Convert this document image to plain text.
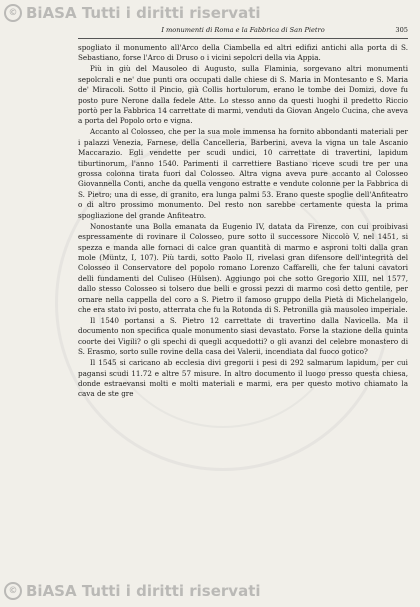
© BiASA Tutti i diritti riservati
I monumenti di Roma e la Fabbrica di San Pietro	305

spogliato il monumento all'Arco della Ciambella ed altri edifizi antichi alla porta di S. Sebastiano, forse l'Arco di Druso o i vicini sepolcri della via Appia.

Più in giù del Mausoleo di Augusto, sulla Flaminia, sorgevano altri monumenti sepolcrali e ne' due punti ora occupati dalle chiese di S. Maria in Montesanto e S. Maria de' Miracoli. Sotto il Pincio, già Collis hortulorum, erano le tombe dei Domizi, dove fu posto pure Nerone dalla fedele Atte. Lo stesso anno da questi luoghi il predetto Riccio portò per la Fabbrica 14 carrettate di marmi, venduti da Giovan Angelo Cucina, che aveva a porta del Popolo orto e vigna.

Accanto al Colosseo, che per la sua mole immensa ha fornito abbondanti materiali per i palazzi Venezia, Farnese, della Cancelleria, Barberini, aveva la vigna un tale Ascanio Maccarazio. Egli vendette per scudi undici, 10 carrettate di travertini, lapidum tiburtinorum, l'anno 1540. Parimenti il carrettiere Bastiano riceve scudi tre per una grossa colonna tirata fuori dal Colosseo. Altra vigna aveva pure accanto al Colosseo Giovannella Conti, anche da quella vengono estratte e vendute colonne per la Fabbrica di S. Pietro; una di esse, di granito, era lunga palmi 53. Erano queste spoglie dell'Anfiteatro o di altro prossimo monumento. Del resto non sarebbe certamente questa la prima spogliazione del grande Anfiteatro.

Nonostante una Bolla emanata da Eugenio IV, datata da Firenze, con cui proibivasi espressamente di rovinare il Colosseo, pure sotto il successore Niccolò V, nel 1451, si spezza e manda alle fornaci di calce gran quantità di marmo e asproni tolti dalla gran mole (Müntz, I, 107). Più tardi, sotto Paolo II, rivelasi gran difensore dell'integrità del Colosseo il Conservatore del popolo romano Lorenzo Caffarelli, che fer taluni cavatori delli fundamenti del Culiseo (Hülsen). Aggiungo poi che sotto Gregorio XIII, nel 1577, dallo stesso Colosseo si tolsero due belli e grossi pezzi di marmo così detto gentile, per ornare nella cappella del coro a S. Pietro il famoso gruppo della Pietà di Michelangelo, che era stato ivi posto, atterrata che fu la Rotonda di S. Petronilla già mausoleo imperiale.

Il 1540 portansi a S. Pietro 12 carrettate di travertino dalla Navicella. Ma il documento non specifica quale monumento siasi devastato. Forse la stazione della quinta coorte dei Vigili? o gli spechi di quegli acquedotti? o gli avanzi del celebre monastero di S. Erasmo, sorto sulle rovine della casa dei Valerii, incendiata dal fuoco gotico?

Il 1545 si caricano ab ecclesia divi gregorii i pesi di 292 salmarum lapidum, per cui pagansi scudi 11.72 e altre 57 misure. In altro documento il luogo presso questa chiesa, donde estraevansi molti e molti materiali e marmi, era per questo motivo chiamato la cava de ste gre

© BiASA Tutti i diritti riservati
